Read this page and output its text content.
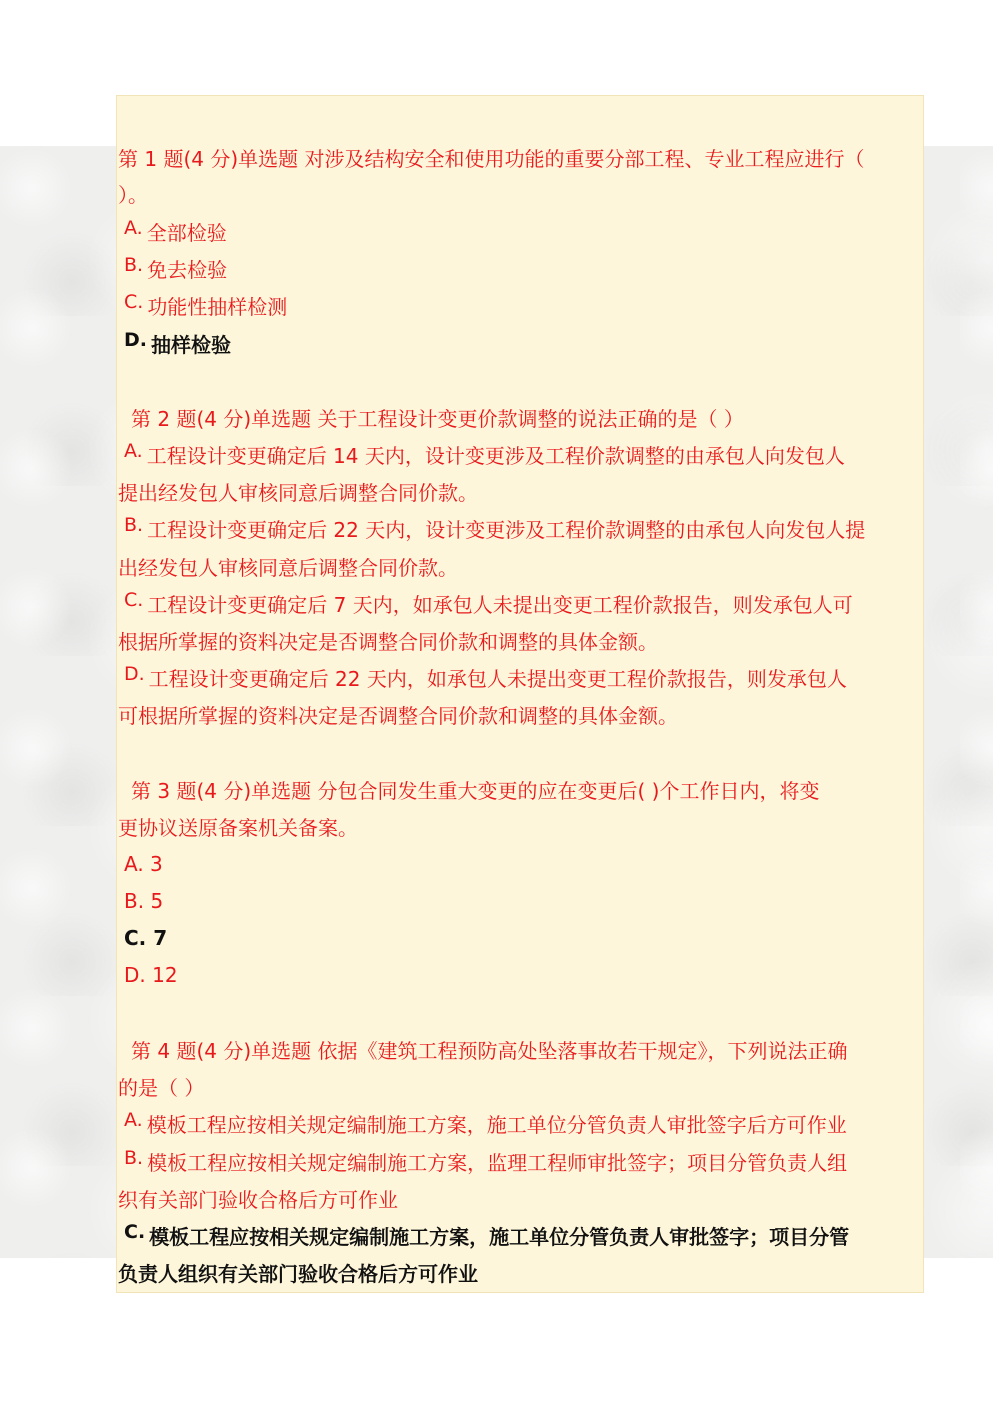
第 1 题(4 分)单选题 对涉及结构安全和使用功能的重要分部工程、专业工程应进行（
）。
A. 全部检验
B. 免去检验
C. 功能性抽样检测
D. 抽样检验
第 2 题(4 分)单选题 关于工程设计变更价款调整的说法正确的是（ ）
A. 工程设计变更确定后 14 天内，设计变更涉及工程价款调整的由承包人向发包人
提出经发包人审核同意后调整合同价款。
B. 工程设计变更确定后 22 天内，设计变更涉及工程价款调整的由承包人向发包人提
出经发包人审核同意后调整合同价款。
C. 工程设计变更确定后 7 天内，如承包人未提出变更工程价款报告，则发承包人可
根据所掌握的资料决定是否调整合同价款和调整的具体金额。
D. 工程设计变更确定后 22 天内，如承包人未提出变更工程价款报告，则发承包人
可根据所掌握的资料决定是否调整合同价款和调整的具体金额。
第 3 题(4 分)单选题 分包合同发生重大变更的应在变更后( )个工作日内，将变
更协议送原备案机关备案。
A. 3
B. 5
C. 7
D. 12
第 4 题(4 分)单选题 依据《建筑工程预防高处坠落事故若干规定》，下列说法正确
的是（ ）
A. 模板工程应按相关规定编制施工方案，施工单位分管负责人审批签字后方可作业
B. 模板工程应按相关规定编制施工方案，监理工程师审批签字；项目分管负责人组
织有关部门验收合格后方可作业
C. 模板工程应按相关规定编制施工方案，施工单位分管负责人审批签字；项目分管
负责人组织有关部门验收合格后方可作业
